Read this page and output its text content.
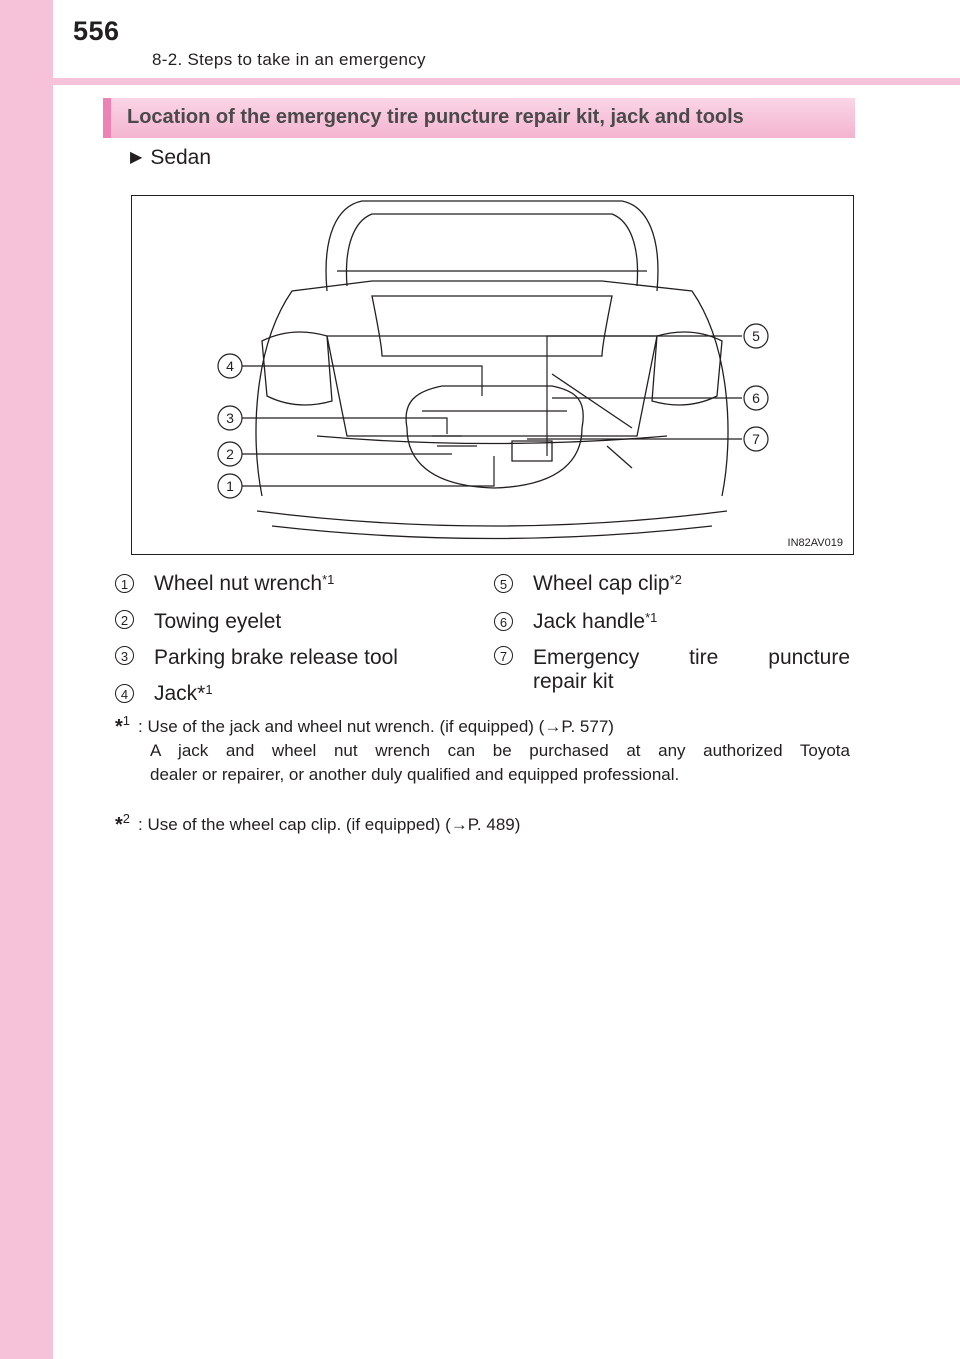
556
8-2. Steps to take in an emergency
Location of the emergency tire puncture repair kit, jack and tools
▶ Sedan
4
3
2
1
5
6
7
IN82AV019
1 Wheel nut wrench$^{*1}$
2 Towing eyelet
3 Parking brake release tool
4 Jack*$^1$
5 Wheel cap clip$^{*2}$
6 Jack handle$^{*1}$
7 Emergency tire puncture
repair kit
*$^1$ : Use of the jack and wheel nut wrench. (if equipped) (→P. 577)
A jack and wheel nut wrench can be purchased at any authorized Toyota
dealer or repairer, or another duly qualified and equipped professional.
*$^2$ : Use of the wheel cap clip. (if equipped) (→P. 489)
